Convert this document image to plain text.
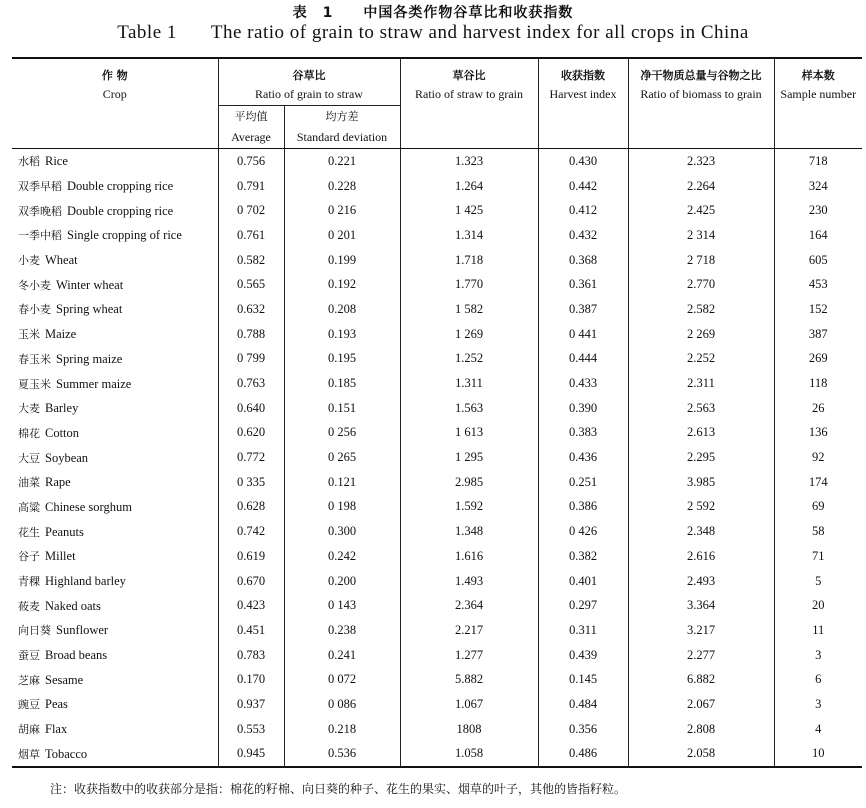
表　1　　中国各类作物谷草比和收获指数
Table 1 The ratio of grain to straw and harvest index for all crops in China
作 物	谷草比		草谷比	收获指数	净干物质总量与谷物之比	样本数
Crop	Ratio of grain to straw		Ratio of straw to grain	Harvest index	Ratio of biomass to grain	Sample number
	平均值	均方差				
	Average	Standard deviation				
水稻 Rice	0.756	0.221	1.323	0.430	2.323	718
双季早稻 Double cropping rice	0.791	0.228	1.264	0.442	2.264	324
双季晚稻 Double cropping rice	0 702	0 216	1 425	0.412	2.425	230
一季中稻 Single cropping of rice	0.761	0 201	1.314	0.432	2 314	164
小麦 Wheat	0.582	0.199	1.718	0.368	2 718	605
冬小麦 Winter wheat	0.565	0.192	1.770	0.361	2.770	453
春小麦 Spring wheat	0.632	0.208	1 582	0.387	2.582	152
玉米 Maize	0.788	0.193	1 269	0 441	2 269	387
春玉米 Spring maize	0 799	0.195	1.252	0.444	2.252	269
夏玉米 Summer maize	0.763	0.185	1.311	0.433	2.311	118
大麦 Barley	0.640	0.151	1.563	0.390	2.563	26
棉花 Cotton	0.620	0 256	1 613	0.383	2.613	136
大豆 Soybean	0.772	0 265	1 295	0.436	2.295	92
油菜 Rape	0 335	0.121	2.985	0.251	3.985	174
高粱 Chinese sorghum	0.628	0 198	1.592	0.386	2 592	69
花生 Peanuts	0.742	0.300	1.348	0 426	2.348	58
谷子 Millet	0.619	0.242	1.616	0.382	2.616	71
青稞 Highland barley	0.670	0.200	1.493	0.401	2.493	5
莜麦 Naked oats	0.423	0 143	2.364	0.297	3.364	20
向日葵 Sunflower	0.451	0.238	2.217	0.311	3.217	11
蚕豆 Broad beans	0.783	0.241	1.277	0.439	2.277	3
芝麻 Sesame	0.170	0 072	5.882	0.145	6.882	6
豌豆 Peas	0.937	0 086	1.067	0.484	2.067	3
胡麻 Flax	0.553	0.218	1808	0.356	2.808	4
烟草 Tobacco	0.945	0.536	1.058	0.486	2.058	10
注：收获指数中的收获部分是指：棉花的籽棉、向日葵的种子、花生的果实、烟草的叶子，其他的皆指籽粒。
